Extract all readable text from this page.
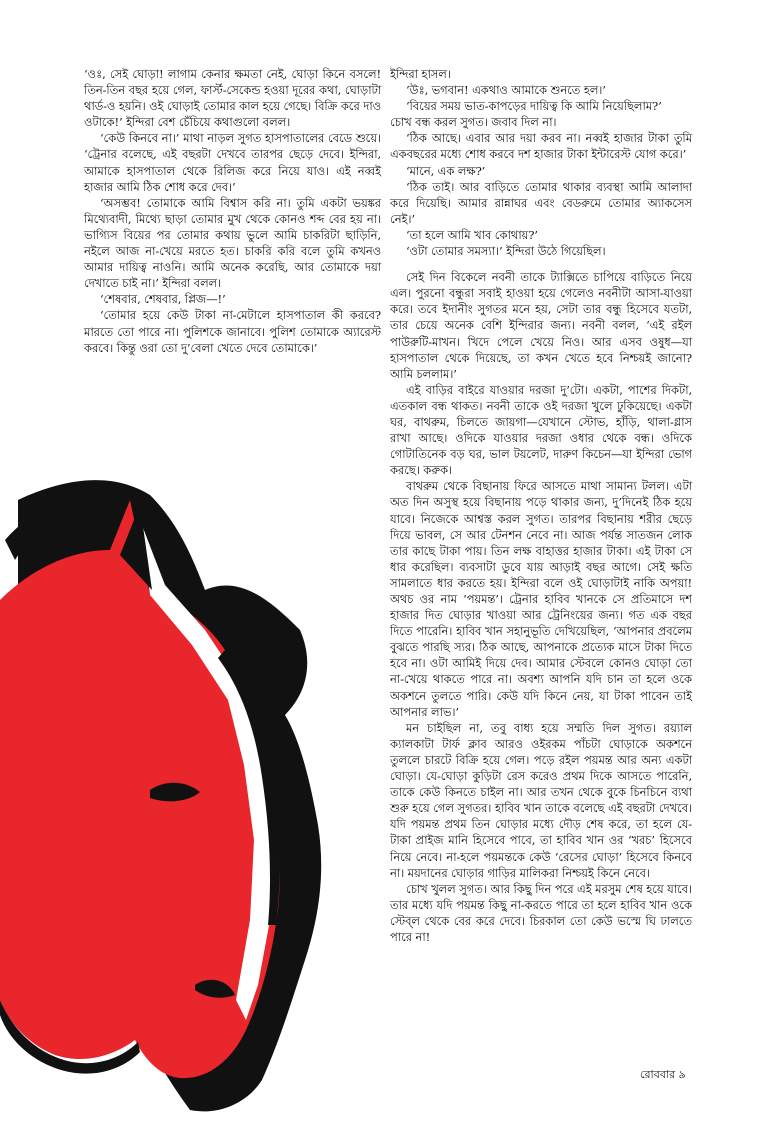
‘ওঃ, সেই ঘোড়া! লাগাম কেনার ক্ষমতা নেই, ঘোড়া কিনে বসলে! তিন-তিন বছর হয়ে গেল, ফার্স্ট-সেকেন্ড হওয়া দূরের কথা, ঘোড়াটা থার্ড-ও হয়নি। ওই ঘোড়াই তোমার কাল হয়ে গেছে। বিক্রি করে দাও ওটাকে!’ ইন্দিরা বেশ চেঁচিয়ে কথাগুলো বলল।

‘কেউ কিনবে না।’ মাথা নাড়ল সুগত হাসপাতালের বেডে শুয়ে। ‘ট্রেনার বলেছে, এই বছরটা দেখবে তারপর ছেড়ে দেবে। ইন্দিরা, আমাকে হাসপাতাল থেকে রিলিজ করে নিয়ে যাও। এই নব্বই হাজার আমি ঠিক শোধ করে দেব।’

‘অসম্ভব! তোমাকে আমি বিশ্বাস করি না। তুমি একটা ভয়ঙ্কর মিথ্যেবাদী, মিথ্যে ছাড়া তোমার মুখ থেকে কোনও শব্দ বের হয় না। ভাগ্যিস বিয়ের পর তোমার কথায় ভুলে আমি চাকরিটা ছাড়িনি, নইলে আজ না-খেয়ে মরতে হত। চাকরি করি বলে তুমি কখনও আমার দায়িত্ব নাওনি। আমি অনেক করেছি, আর তোমাকে দয়া দেখাতে চাই না।’ ইন্দিরা বলল।

‘শেষবার, শেষবার, প্লিজ—!’

‘তোমার হয়ে কেউ টাকা না-মেটালে হাসপাতাল কী করবে? মারতে তো পারে না। পুলিশকে জানাবে। পুলিশ তোমাকে অ্যারেস্ট করবে। কিন্তু ওরা তো দু’বেলা খেতে দেবে তোমাকে।’

ইন্দিরা হাসল।

‘উঃ, ভগবান! একথাও আমাকে শুনতে হল।’

‘বিয়ের সময় ভাত-কাপড়ের দায়িত্ব কি আমি নিয়েছিলাম?’

চোখ বন্ধ করল সুগত। জবাব দিল না।

‘ঠিক আছে। এবার আর দয়া করব না। নব্বই হাজার টাকা তুমি একবছরের মধ্যে শোধ করবে দশ হাজার টাকা ইন্টারেস্ট যোগ করে।’

‘মানে, এক লক্ষ?’

‘ঠিক তাই। আর বাড়িতে তোমার থাকার ব্যবস্থা আমি আলাদা করে দিয়েছি। আমার রান্নাঘর এবং বেডরুমে তোমার অ্যাকসেস নেই।’

‘তা হলে আমি খাব কোথায়?’

‘ওটা তোমার সমস্যা।’ ইন্দিরা উঠে গিয়েছিল।

সেই দিন বিকেলে নবনী তাকে ট্যাক্সিতে চাপিয়ে বাড়িতে নিয়ে এল। পুরনো বন্ধুরা সবাই হাওয়া হয়ে গেলেও নবনীটা আসা-যাওয়া করে। তবে ইদানীং সুগতর মনে হয়, সেটা তার বন্ধু হিসেবে যতটা, তার চেয়ে অনেক বেশি ইন্দিরার জন্য। নবনী বলল, ‘এই রইল পাউরুটি-মাখন। খিদে পেলে খেয়ে নিও। আর এসব ওষুধ—যা হাসপাতাল থেকে দিয়েছে, তা কখন খেতে হবে নিশ্চয়ই জানো? আমি চললাম।’

এই বাড়ির বাইরে যাওয়ার দরজা দু’টো। একটা, পাশের দিকটা, এতকাল বন্ধ থাকত। নবনী তাকে ওই দরজা খুলে ঢুকিয়েছে। একটা ঘর, বাথরুম, চিলতে জায়গা—যেখানে স্টোভ, হাঁড়ি, থালা-গ্লাস রাখা আছে। ওদিকে যাওয়ার দরজা ওধার থেকে বন্ধ। ওদিকে গোটাতিনেক বড় ঘর, ভাল টয়লেট, দারুণ কিচেন—যা ইন্দিরা ভোগ করছে। করুক।

বাথরুম থেকে বিছানায় ফিরে আসতে মাথা সামান্য টলল। এটা অত দিন অসুস্থ হয়ে বিছানায় পড়ে থাকার জন্য, দু’দিনেই ঠিক হয়ে যাবে। নিজেকে আশ্বস্ত করল সুগত। তারপর বিছানায় শরীর ছেড়ে দিয়ে ভাবল, সে আর টেনশন নেবে না। আজ পর্যন্ত সাতজন লোক তার কাছে টাকা পায়। তিন লক্ষ বাহাত্তর হাজার টাকা। এই টাকা সে ধার করেছিল। ব্যবসাটা ডুবে যায় আড়াই বছর আগে। সেই ক্ষতি সামলাতে ধার করতে হয়। ইন্দিরা বলে ওই ঘোড়াটাই নাকি অপয়া! অথচ ওর নাম ‘পয়মন্ত’। ট্রেনার হাবিব খানকে সে প্রতিমাসে দশ হাজার দিত ঘোড়ার খাওয়া আর ট্রেনিংয়ের জন্য। গত এক বছর দিতে পারেনি। হাবিব খান সহানুভূতি দেখিয়েছিল, ‘আপনার প্রবলেম বুঝতে পারছি স্যর। ঠিক আছে, আপনাকে প্রত্যেক মাসে টাকা দিতে হবে না। ওটা আমিই দিয়ে দেব। আমার স্টেবলে কোনও ঘোড়া তো না-খেয়ে থাকতে পারে না। অবশ্য আপনি যদি চান তা হলে ওকে অকশনে তুলতে পারি। কেউ যদি কিনে নেয়, যা টাকা পাবেন তাই আপনার লাভ।’

মন চাইছিল না, তবু বাধ্য হয়ে সম্মতি দিল সুগত। রয়্যাল ক্যালকাটা টার্ফ ক্লাব আরও ওইরকম পাঁচটা ঘোড়াকে অকশনে তুললে চারটে বিক্রি হয়ে গেল। পড়ে রইল পয়মন্ত আর অন্য একটা ঘোড়া। যে-ঘোড়া কুড়িটা রেস করেও প্রথম দিকে আসতে পারেনি, তাকে কেউ কিনতে চাইল না। আর তখন থেকে বুকে চিনচিনে ব্যথা শুরু হয়ে গেল সুগতর। হাবিব খান তাকে বলেছে এই বছরটা দেখবে। যদি পয়মন্ত প্রথম তিন ঘোড়ার মধ্যে দৌড় শেষ করে, তা হলে যে-টাকা প্রাইজ মানি হিসেবে পাবে, তা হাবিব খান ওর ‘খরচ’ হিসেবে নিয়ে নেবে। না-হলে পয়মন্তকে কেউ ‘রেসের ঘোড়া’ হিসেবে কিনবে না। ময়দানের ঘোড়ার গাড়ির মালিকরা নিশ্চয়ই কিনে নেবে।

চোখ খুলল সুগত। আর কিছু দিন পরে এই মরসুম শেষ হয়ে যাবে। তার মধ্যে যদি পয়মন্ত কিছু না-করতে পারে তা হলে হাবিব খান ওকে স্টেব্‌ল থেকে বের করে দেবে। চিরকাল তো কেউ ভস্মে ঘি ঢালতে পারে না!

রোববার ৯
